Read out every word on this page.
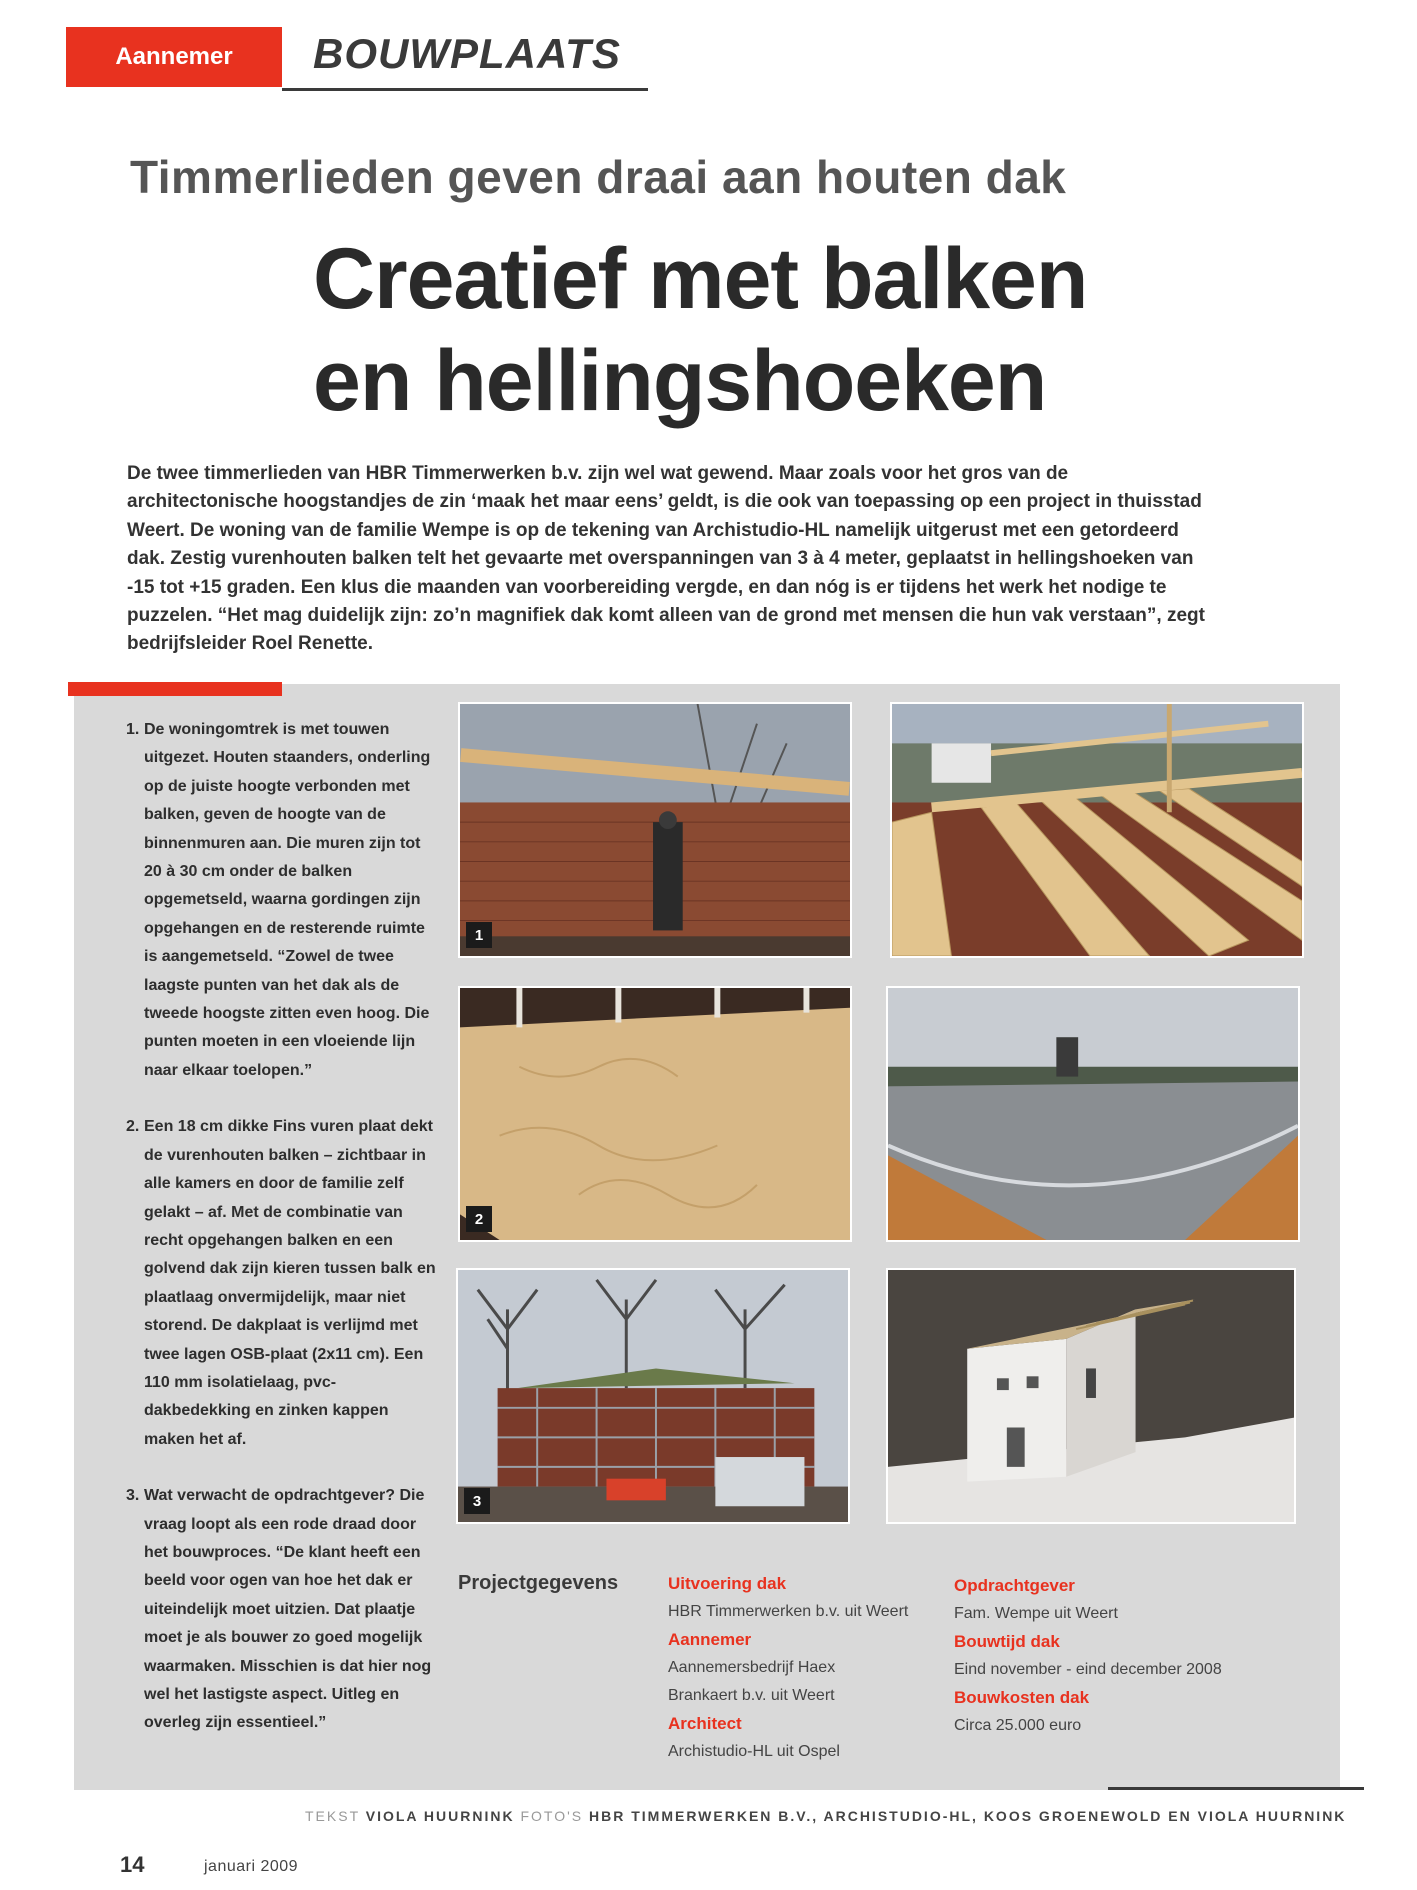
Aannemer	BOUWPLAATS
Timmerlieden geven draai aan houten dak
Creatief met balken
en hellingshoeken
De twee timmerlieden van HBR Timmerwerken b.v. zijn wel wat gewend. Maar zoals voor het gros van de architectonische hoogstandjes de zin ‘maak het maar eens’ geldt, is die ook van toepassing op een project in thuisstad Weert. De woning van de familie Wempe is op de tekening van Archistudio-HL namelijk uitgerust met een getordeerd dak. Zestig vurenhouten balken telt het gevaarte met overspanningen van 3 à 4 meter, geplaatst in hellingshoeken van -15 tot +15 graden. Een klus die maanden van voorbereiding vergde, en dan nóg is er tijdens het werk het nodige te puzzelen. “Het mag duidelijk zijn: zo’n magnifiek dak komt alleen van de grond met mensen die hun vak verstaan”, zegt bedrijfsleider Roel Renette.
1. De woningomtrek is met touwen uitgezet. Houten staanders, onderling op de juiste hoogte verbonden met balken, geven de hoogte van de binnenmuren aan. Die muren zijn tot 20 à 30 cm onder de balken opgemetseld, waarna gordingen zijn opgehangen en de resterende ruimte is aangemetseld. “Zowel de twee laagste punten van het dak als de tweede hoogste zitten even hoog. Die punten moeten in een vloeiende lijn naar elkaar toelopen.”
2. Een 18 cm dikke Fins vuren plaat dekt de vurenhouten balken – zichtbaar in alle kamers en door de familie zelf gelakt – af. Met de combinatie van recht opgehangen balken en een golvend dak zijn kieren tussen balk en plaatlaag onvermijdelijk, maar niet storend. De dakplaat is verlijmd met twee lagen OSB-plaat (2x11 cm). Een 110 mm isolatielaag, pvc-dakbedekking en zinken kappen maken het af.
3. Wat verwacht de opdrachtgever? Die vraag loopt als een rode draad door het bouwproces. “De klant heeft een beeld voor ogen van hoe het dak er uiteindelijk moet uitzien. Dat plaatje moet je als bouwer zo goed mogelijk waarmaken. Misschien is dat hier nog wel het lastigste aspect. Uitleg en overleg zijn essentieel.”
1
2
3
Projectgegevens	Uitvoering dak
HBR Timmerwerken b.v. uit Weert
Aannemer
Aannemersbedrijf Haex
Brankaert b.v. uit Weert
Architect
Archistudio-HL uit Ospel
Opdrachtgever
Fam. Wempe uit Weert
Bouwtijd dak
Eind november - eind december 2008
Bouwkosten dak
Circa 25.000 euro
TEKST VIOLA HUURNINK FOTO'S HBR TIMMERWERKEN B.V., ARCHISTUDIO-HL, KOOS GROENEWOLD EN VIOLA HUURNINK
14	januari 2009
